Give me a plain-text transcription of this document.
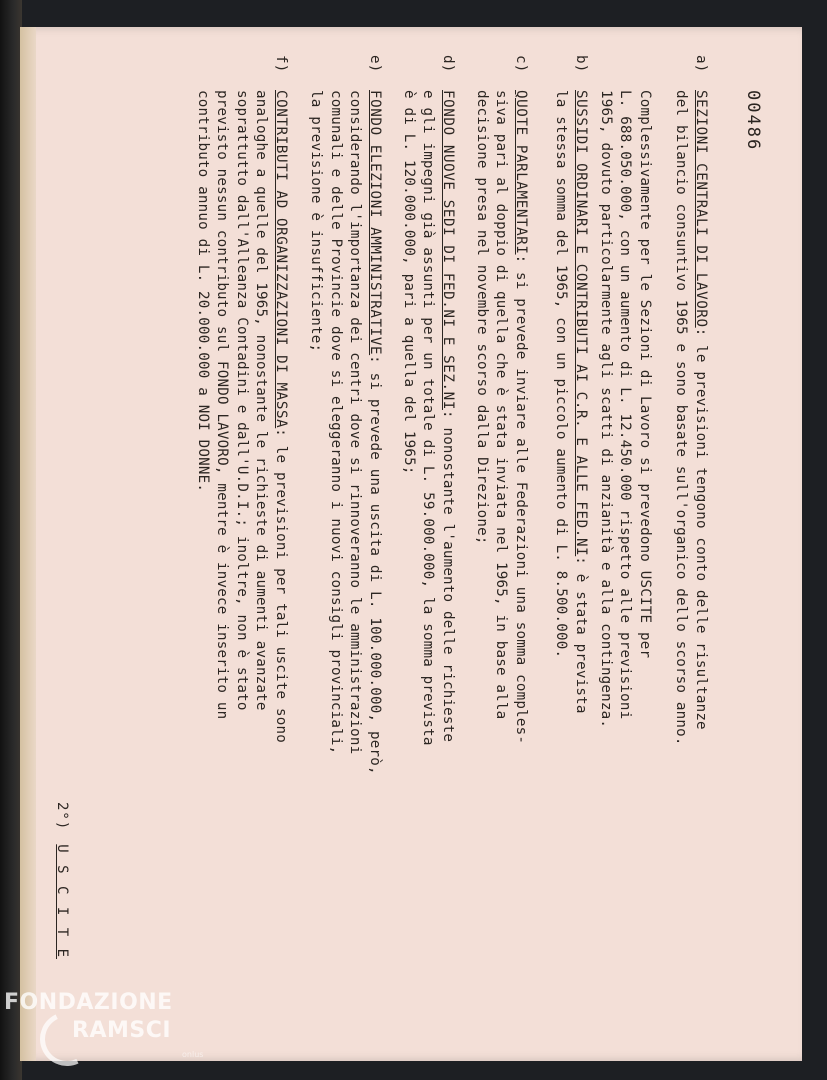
00486
a)
SEZIONI CENTRALI DI LAVORO: le previsioni tengono conto delle risultanze
del bilancio consuntivo 1965 e sono basate sull'organico dello scorso anno.
Complessivamente per le Sezioni di Lavoro si prevedono USCITE per
L. 688.050.000, con un aumento di L. 12.450.000 rispetto alle previsioni
1965, dovuto particolarmente agli scatti di anzianità e alla contingenza.
b)
SUSSIDI ORDINARI E CONTRIBUTI AI C.R. E ALLE FED.NI: è stata prevista
la stessa somma del 1965, con un piccolo aumento di L. 8.500.000.
c)
QUOTE PARLAMENTARI: si prevede inviare alle Federazioni una somma comples-
siva pari al doppio di quella che è stata inviata nel 1965, in base alla
decisione presa nel novembre scorso dalla Direzione;
d)
FONDO NUOVE SEDI DI FED.NI E SEZ.NI: nonostante l'aumento delle richieste
e gli impegni già assunti per un totale di L. 59.000.000, la somma prevista
è di L. 120.000.000, pari a quella del 1965;
e)
FONDO ELEZIONI AMMINISTRATIVE: si prevede una uscita di L. 100.000.000, però,
considerando l'importanza dei centri dove si rinnoveranno le amministrazioni
comunali e delle Provincie dove si eleggeranno i nuovi consigli provinciali,
la previsione è insufficiente;
f)
CONTRIBUTI AD ORGANIZZAZIONI DI MASSA: le previsioni per tali uscite sono
analoghe a quelle del 1965, nonostante le richieste di aumenti avanzate
soprattutto dall'Alleanza Contadini e dall'U.D.I.; inoltre, non è stato
previsto nessun contributo sul FONDO LAVORO, mentre è invece inserito un
contributo annuo di L. 20.000.000 a NOI DONNE.
2°)U S C I T E
FONDAZIONE
RAMSCI
onlus
